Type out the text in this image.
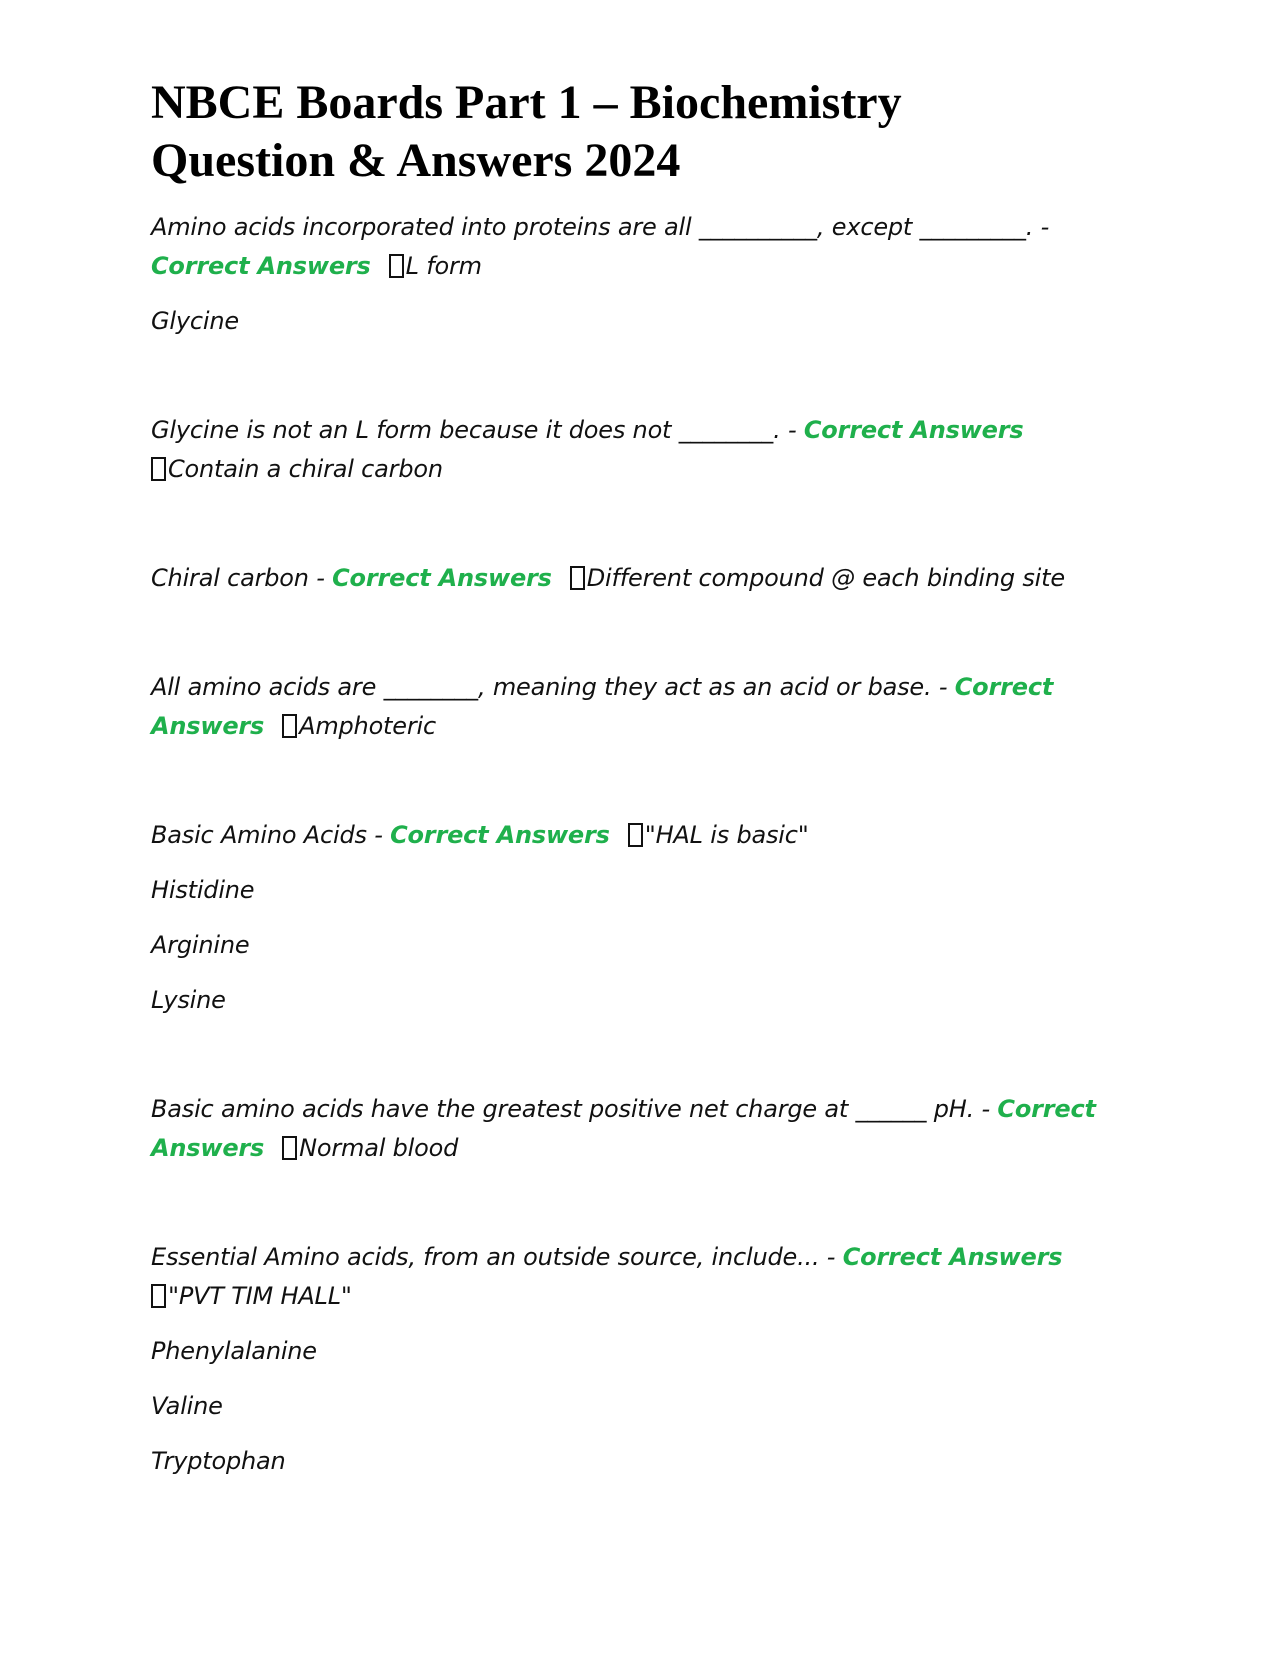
NBCE Boards Part 1 – Biochemistry
Question & Answers 2024

Amino acids incorporated into proteins are all __________, except _________. - Correct Answers L form

Glycine

Glycine is not an L form because it does not ________. - Correct Answers
Contain a chiral carbon

Chiral carbon - Correct Answers Different compound @ each binding site

All amino acids are ________, meaning they act as an acid or base. - Correct Answers Amphoteric

Basic Amino Acids - Correct Answers "HAL is basic"

Histidine

Arginine

Lysine

Basic amino acids have the greatest positive net charge at ______ pH. - Correct Answers Normal blood

Essential Amino acids, from an outside source, include... - Correct Answers
"PVT TIM HALL"

Phenylalanine

Valine

Tryptophan
